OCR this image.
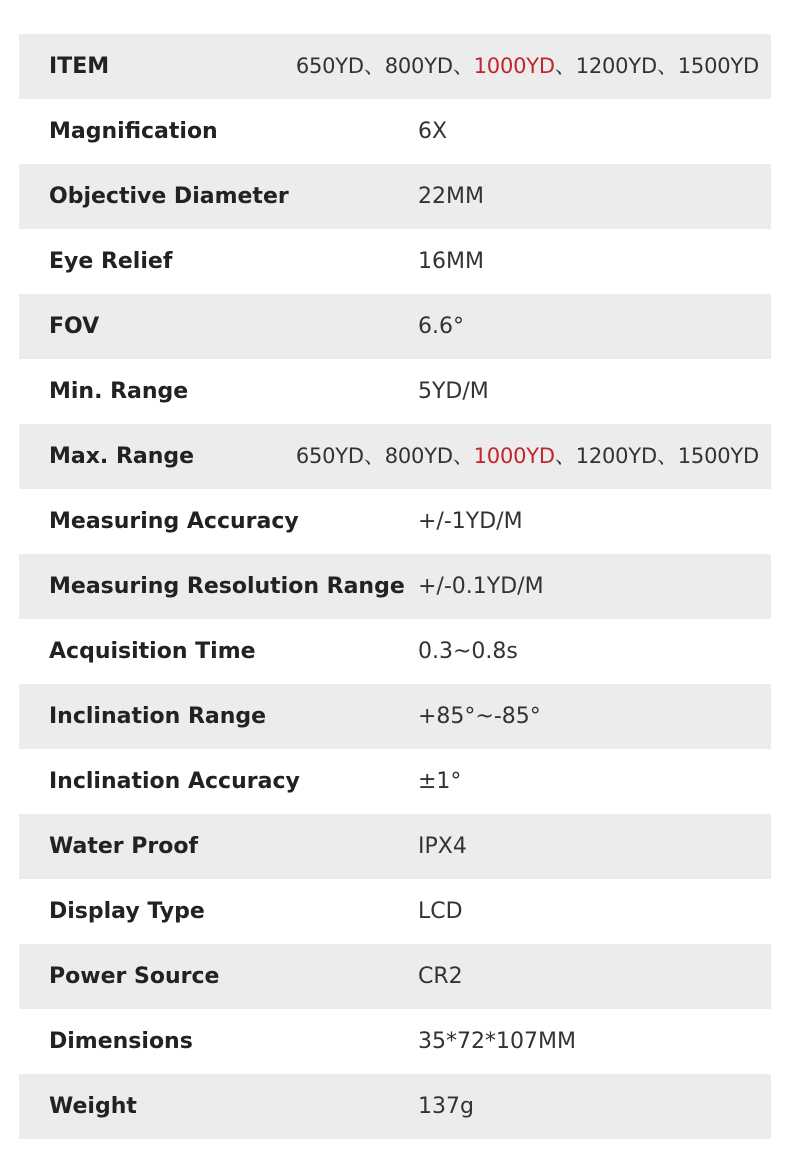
ITEM	650YD、800YD、1000YD、1200YD、1500YD
Magnification	6X
Objective Diameter	22MM
Eye Relief	16MM
FOV	6.6°
Min. Range	5YD/M
Max. Range	650YD、800YD、1000YD、1200YD、1500YD
Measuring Accuracy	+/-1YD/M
Measuring Resolution Range +/-0.1YD/M
Acquisition Time	0.3~0.8s
Inclination Range	+85°~-85°
Inclination Accuracy	±1°
Water Proof	IPX4
Display Type	LCD
Power Source	CR2
Dimensions	35*72*107MM
Weight	137g
